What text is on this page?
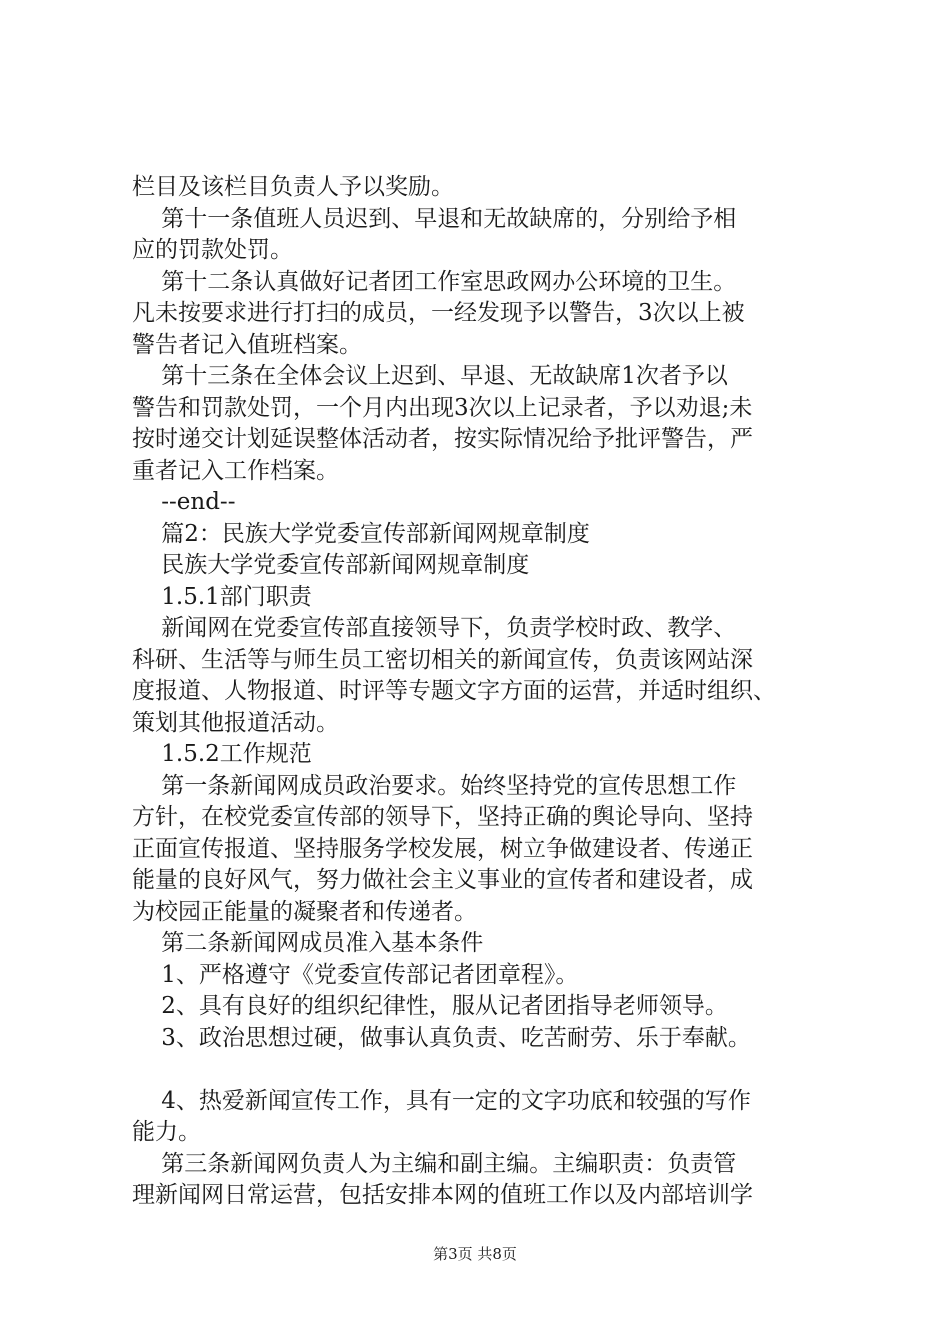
栏目及该栏目负责人予以奖励。
第十一条值班人员迟到、早退和无故缺席的，分别给予相
应的罚款处罚。
第十二条认真做好记者团工作室思政网办公环境的卫生。
凡未按要求进行打扫的成员，一经发现予以警告，3次以上被
警告者记入值班档案。
第十三条在全体会议上迟到、早退、无故缺席1次者予以
警告和罚款处罚，一个月内出现3次以上记录者，予以劝退;未
按时递交计划延误整体活动者，按实际情况给予批评警告，严
重者记入工作档案。
--end--
篇2：民族大学党委宣传部新闻网规章制度
民族大学党委宣传部新闻网规章制度
1.5.1部门职责
新闻网在党委宣传部直接领导下，负责学校时政、教学、
科研、生活等与师生员工密切相关的新闻宣传，负责该网站深
度报道、人物报道、时评等专题文字方面的运营，并适时组织、
策划其他报道活动。
1.5.2工作规范
第一条新闻网成员政治要求。始终坚持党的宣传思想工作
方针，在校党委宣传部的领导下，坚持正确的舆论导向、坚持
正面宣传报道、坚持服务学校发展，树立争做建设者、传递正
能量的良好风气，努力做社会主义事业的宣传者和建设者，成
为校园正能量的凝聚者和传递者。
第二条新闻网成员准入基本条件
1、严格遵守《党委宣传部记者团章程》。
2、具有良好的组织纪律性，服从记者团指导老师领导。
3、政治思想过硬，做事认真负责、吃苦耐劳、乐于奉献。
4、热爱新闻宣传工作，具有一定的文字功底和较强的写作
能力。
第三条新闻网负责人为主编和副主编。主编职责：负责管
理新闻网日常运营，包括安排本网的值班工作以及内部培训学
第3页 共8页
